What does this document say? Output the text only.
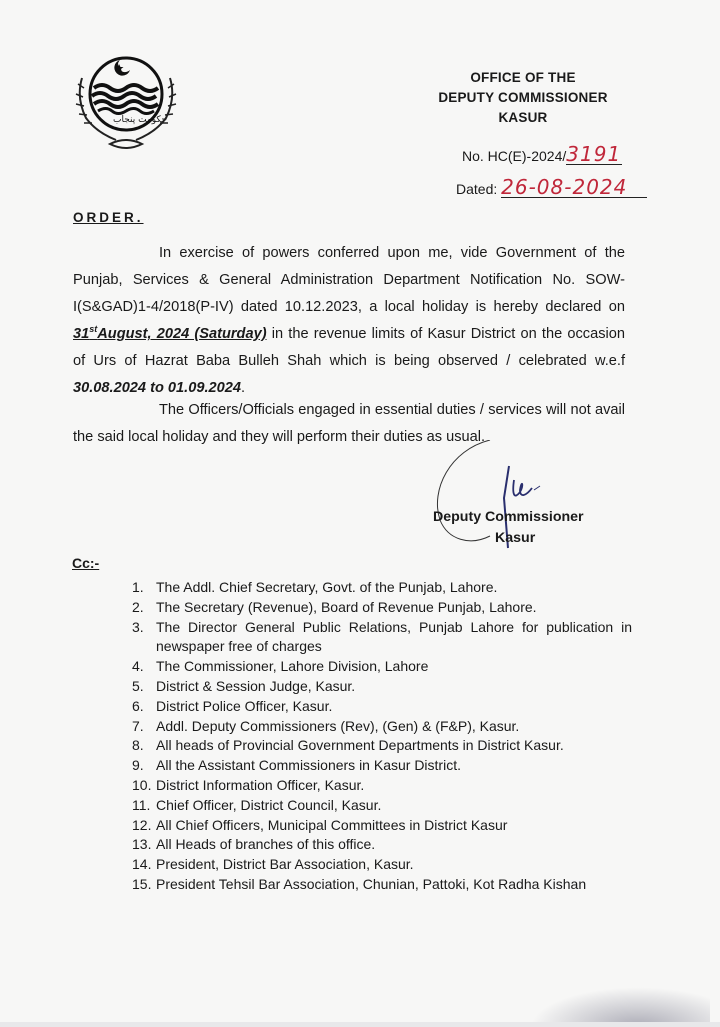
حکومت پنجاب
OFFICE OF THE
DEPUTY COMMISSIONER
KASUR
No. HC(E)-2024/3191
Dated: 26-08-2024
ORDER.
In exercise of powers conferred upon me, vide Government of the Punjab, Services & General Administration Department Notification No. SOW-I(S&GAD)1-4/2018(P-IV) dated 10.12.2023, a local holiday is hereby declared on 31stAugust, 2024 (Saturday) in the revenue limits of Kasur District on the occasion of Urs of Hazrat Baba Bulleh Shah which is being observed / celebrated w.e.f 30.08.2024 to 01.09.2024.
The Officers/Officials engaged in essential duties / services will not avail the said local holiday and they will perform their duties as usual.
Deputy Commissioner
Kasur
Cc:-
1. The Addl. Chief Secretary, Govt. of the Punjab, Lahore.
2. The Secretary (Revenue), Board of Revenue Punjab, Lahore.
3. The Director General Public Relations, Punjab Lahore for publication in newspaper free of charges
4. The Commissioner, Lahore Division, Lahore
5. District & Session Judge, Kasur.
6. District Police Officer, Kasur.
7. Addl. Deputy Commissioners (Rev), (Gen) & (F&P), Kasur.
8. All heads of Provincial Government Departments in District Kasur.
9. All the Assistant Commissioners in Kasur District.
10. District Information Officer, Kasur.
11. Chief Officer, District Council, Kasur.
12. All Chief Officers, Municipal Committees in District Kasur
13. All Heads of branches of this office.
14. President, District Bar Association, Kasur.
15. President Tehsil Bar Association, Chunian, Pattoki, Kot Radha Kishan
